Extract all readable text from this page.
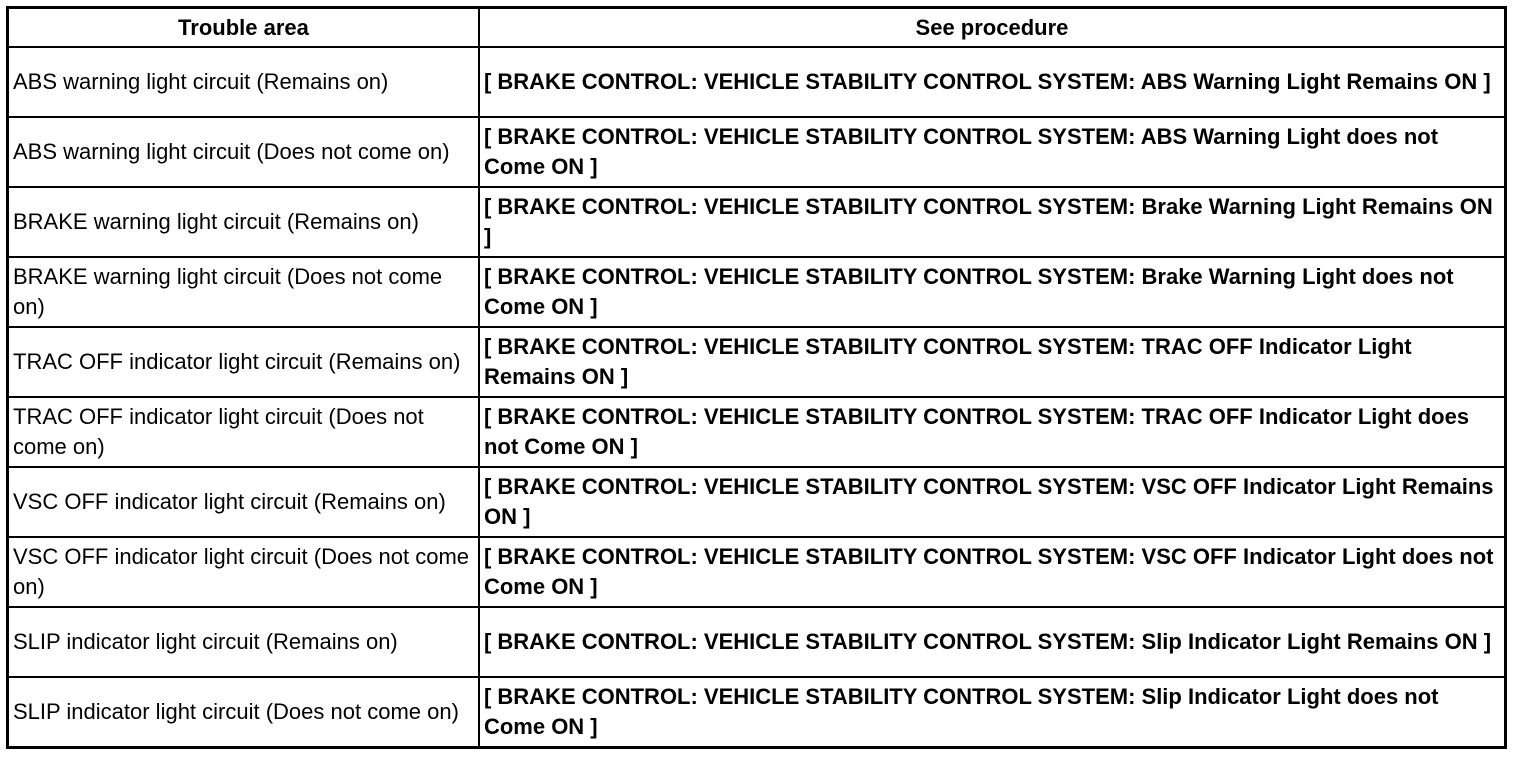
Trouble area	See procedure
ABS warning light circuit (Remains on)	[ BRAKE CONTROL: VEHICLE STABILITY CONTROL SYSTEM: ABS Warning Light Remains ON ]
ABS warning light circuit (Does not come on)	[ BRAKE CONTROL: VEHICLE STABILITY CONTROL SYSTEM: ABS Warning Light does not Come ON ]
BRAKE warning light circuit (Remains on)	[ BRAKE CONTROL: VEHICLE STABILITY CONTROL SYSTEM: Brake Warning Light Remains ON ]
BRAKE warning light circuit (Does not come on)	[ BRAKE CONTROL: VEHICLE STABILITY CONTROL SYSTEM: Brake Warning Light does not Come ON ]
TRAC OFF indicator light circuit (Remains on)	[ BRAKE CONTROL: VEHICLE STABILITY CONTROL SYSTEM: TRAC OFF Indicator Light Remains ON ]
TRAC OFF indicator light circuit (Does not come on)	[ BRAKE CONTROL: VEHICLE STABILITY CONTROL SYSTEM: TRAC OFF Indicator Light does not Come ON ]
VSC OFF indicator light circuit (Remains on)	[ BRAKE CONTROL: VEHICLE STABILITY CONTROL SYSTEM: VSC OFF Indicator Light Remains ON ]
VSC OFF indicator light circuit (Does not come on)	[ BRAKE CONTROL: VEHICLE STABILITY CONTROL SYSTEM: VSC OFF Indicator Light does not Come ON ]
SLIP indicator light circuit (Remains on)	[ BRAKE CONTROL: VEHICLE STABILITY CONTROL SYSTEM: Slip Indicator Light Remains ON ]
SLIP indicator light circuit (Does not come on)	[ BRAKE CONTROL: VEHICLE STABILITY CONTROL SYSTEM: Slip Indicator Light does not Come ON ]
